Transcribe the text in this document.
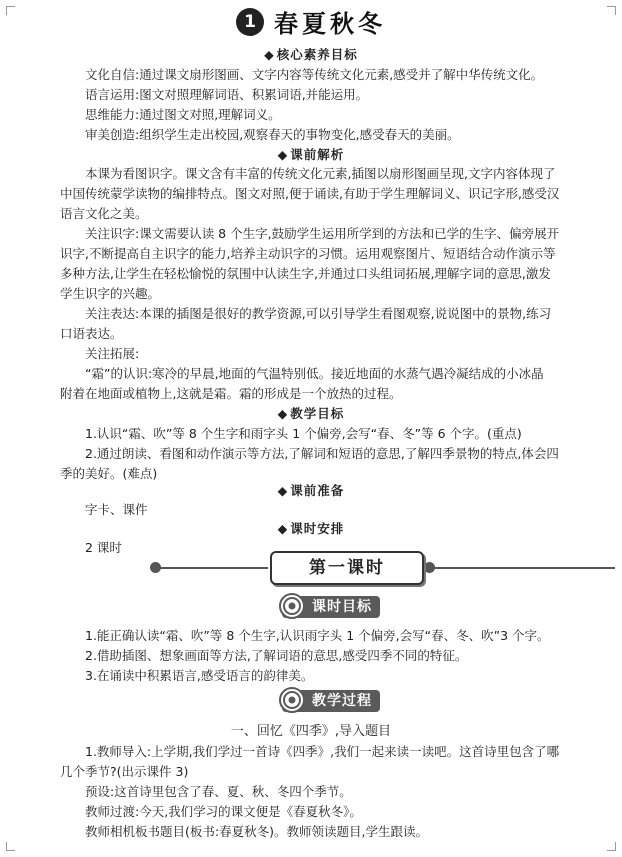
1 春夏秋冬
◆ 核心素养目标
文化自信:通过课文扇形图画、文字内容等传统文化元素,感受并了解中华传统文化。
语言运用:图文对照理解词语、积累词语,并能运用。
思维能力:通过图文对照,理解词义。
审美创造:组织学生走出校园,观察春天的事物变化,感受春天的美丽。
◆ 课前解析
本课为看图识字。课文含有丰富的传统文化元素,插图以扇形图画呈现,文字内容体现了
中国传统蒙学读物的编排特点。图文对照,便于诵读,有助于学生理解词义、识记字形,感受汉
语言文化之美。
关注识字:课文需要认读 8 个生字,鼓励学生运用所学到的方法和已学的生字、偏旁展开
识字,不断提高自主识字的能力,培养主动识字的习惯。运用观察图片、短语结合动作演示等
多种方法,让学生在轻松愉悦的氛围中认读生字,并通过口头组词拓展,理解字词的意思,激发
学生识字的兴趣。
关注表达:本课的插图是很好的教学资源,可以引导学生看图观察,说说图中的景物,练习
口语表达。
关注拓展:
“霜”的认识:寒冷的早晨,地面的气温特别低。接近地面的水蒸气遇冷凝结成的小冰晶
附着在地面或植物上,这就是霜。霜的形成是一个放热的过程。
◆ 教学目标
1.认识“霜、吹”等 8 个生字和雨字头 1 个偏旁,会写“春、冬”等 6 个字。(重点)
2.通过朗读、看图和动作演示等方法,了解词和短语的意思,了解四季景物的特点,体会四
季的美好。(难点)
◆ 课前准备
字卡、课件
◆ 课时安排
2 课时
第一课时
课时目标
1.能正确认读“霜、吹”等 8 个生字,认识雨字头 1 个偏旁,会写“春、冬、吹”3 个字。
2.借助插图、想象画面等方法,了解词语的意思,感受四季不同的特征。
3.在诵读中积累语言,感受语言的韵律美。
教学过程
一、回忆《四季》,导入题目
1.教师导入:上学期,我们学过一首诗《四季》,我们一起来读一读吧。这首诗里包含了哪
几个季节?(出示课件 3)
预设:这首诗里包含了春、夏、秋、冬四个季节。
教师过渡:今天,我们学习的课文便是《春夏秋冬》。
教师相机板书题目(板书:春夏秋冬)。教师领读题目,学生跟读。
